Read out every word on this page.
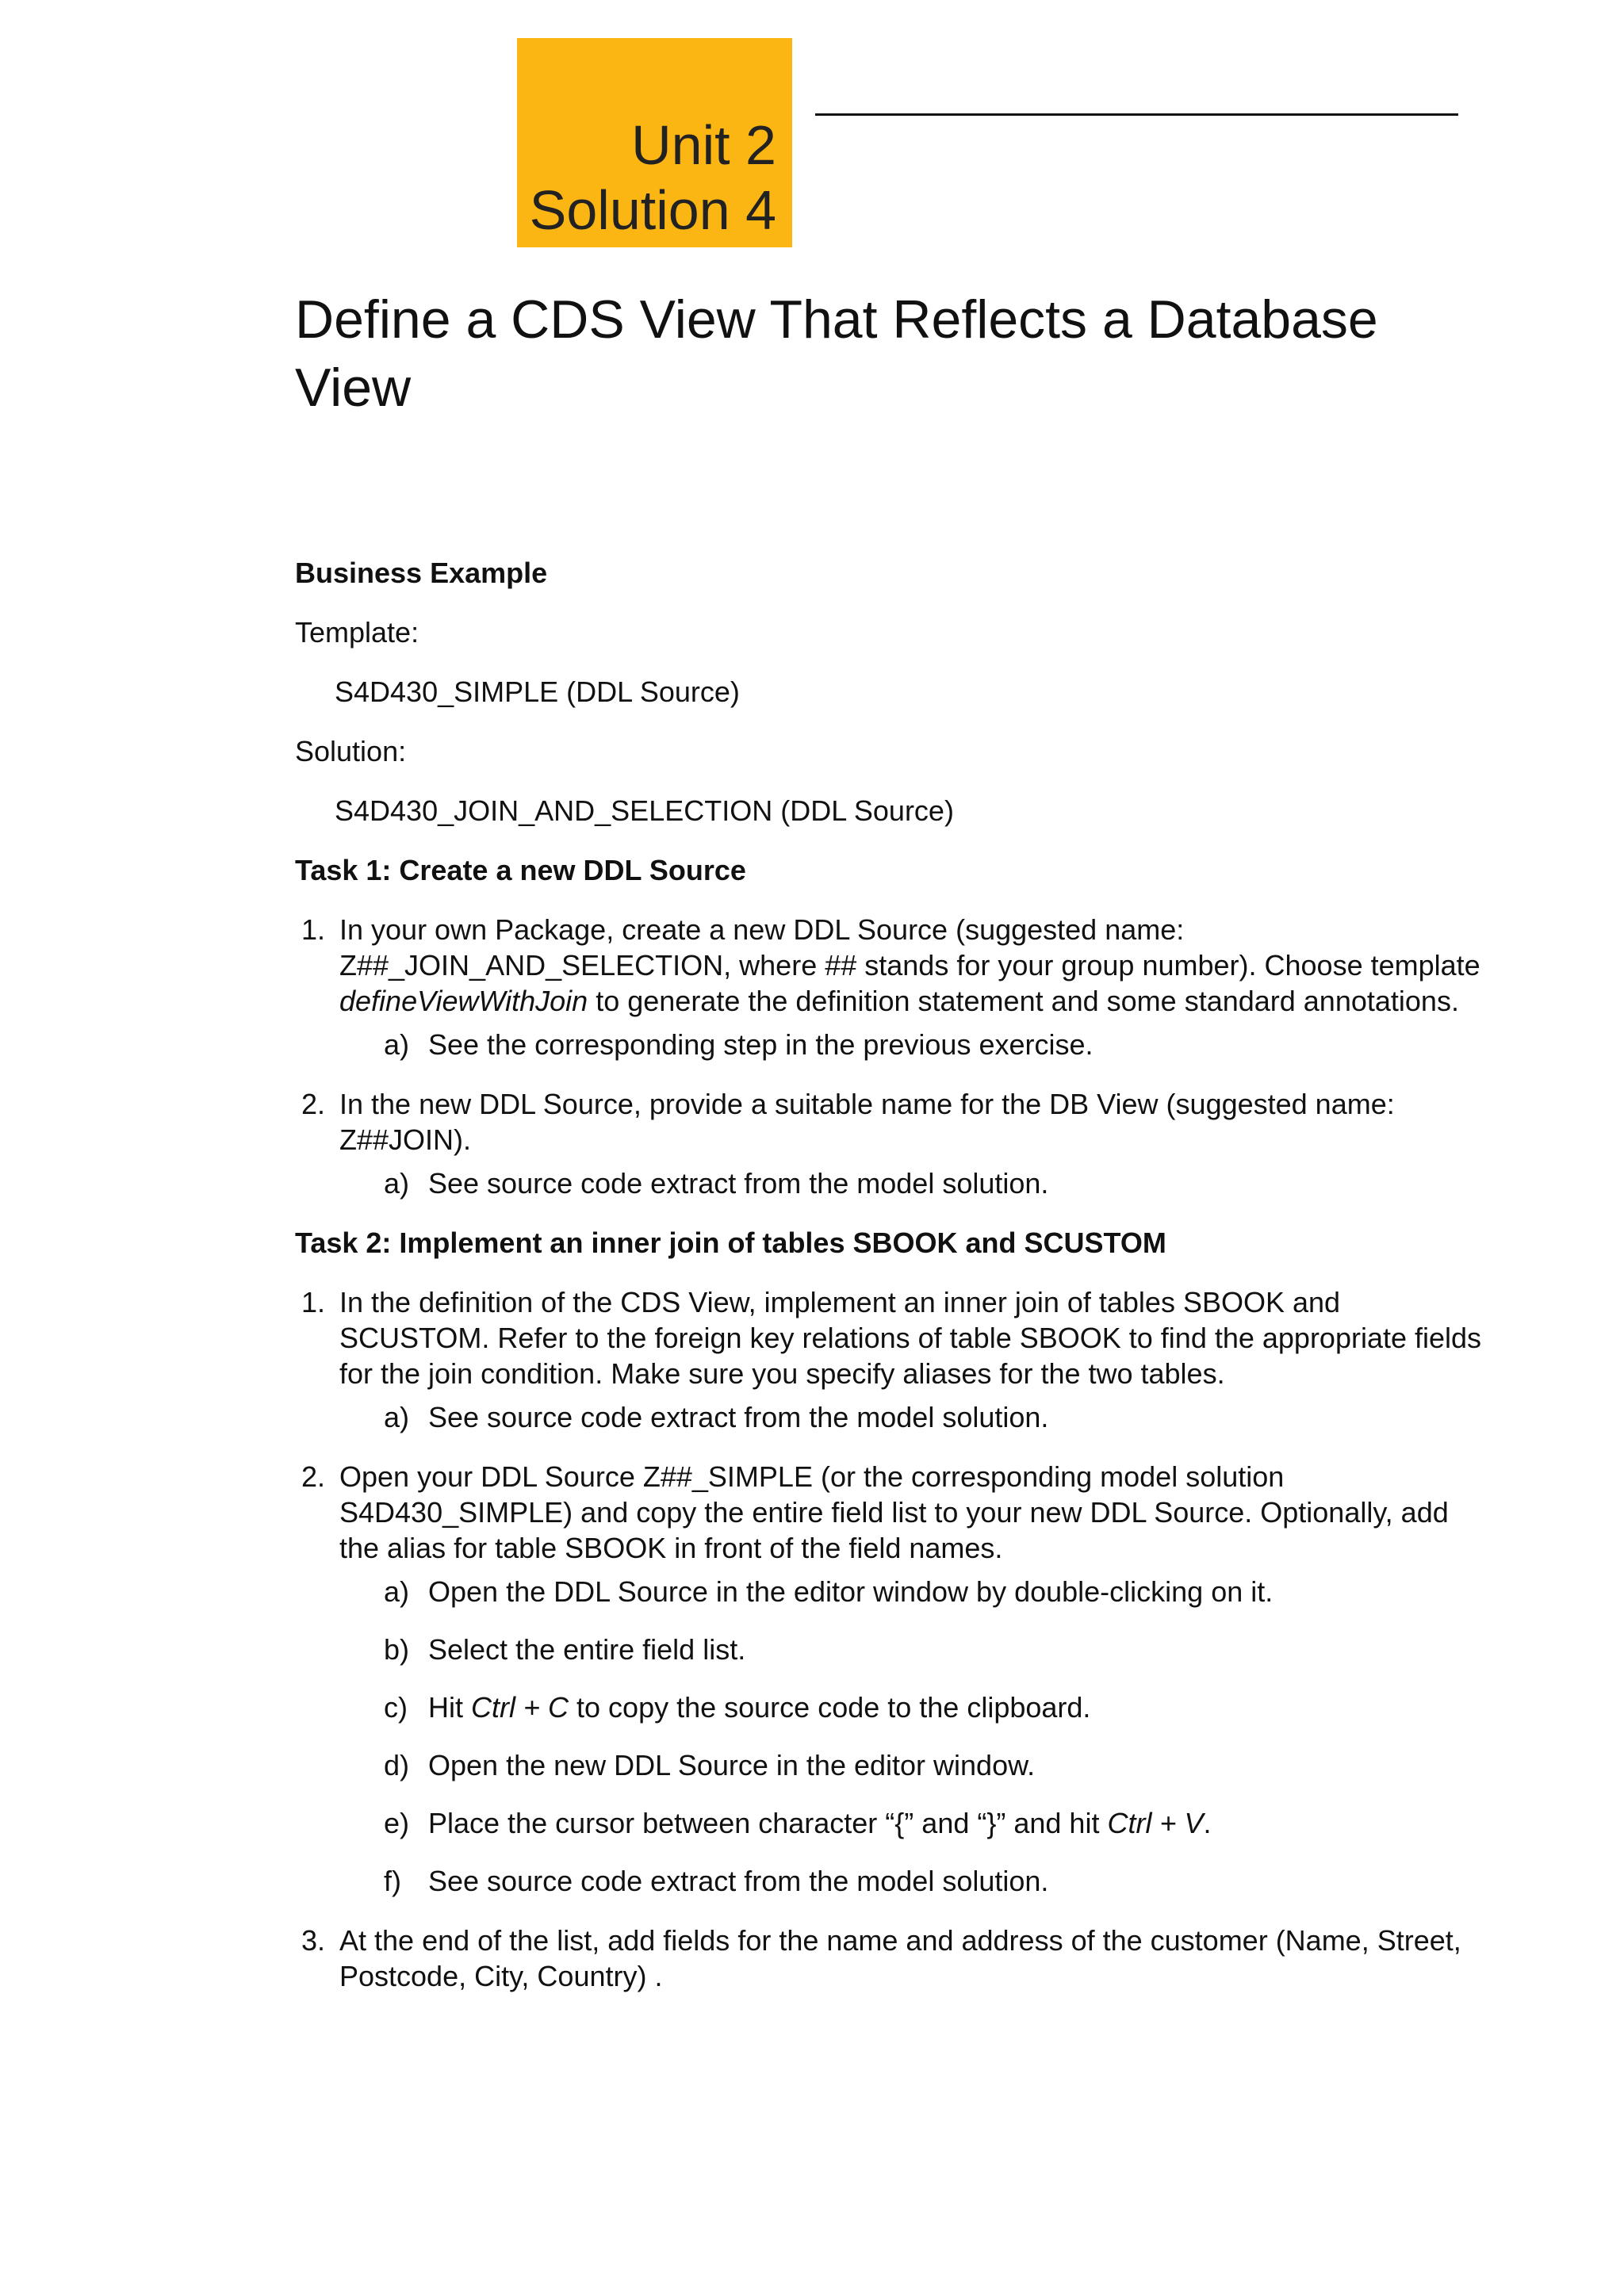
Unit 2
Solution 4
Define a CDS View That Reflects a Database View
Business Example
Template:
S4D430_SIMPLE (DDL Source)
Solution:
S4D430_JOIN_AND_SELECTION (DDL Source)
Task 1: Create a new DDL Source
1. In your own Package, create a new DDL Source (suggested name: Z##_JOIN_AND_SELECTION, where ## stands for your group number). Choose template defineViewWithJoin to generate the definition statement and some standard annotations.
a) See the corresponding step in the previous exercise.
2. In the new DDL Source, provide a suitable name for the DB View (suggested name: Z##JOIN).
a) See source code extract from the model solution.
Task 2: Implement an inner join of tables SBOOK and SCUSTOM
1. In the definition of the CDS View, implement an inner join of tables SBOOK and SCUSTOM. Refer to the foreign key relations of table SBOOK to find the appropriate fields for the join condition. Make sure you specify aliases for the two tables.
a) See source code extract from the model solution.
2. Open your DDL Source Z##_SIMPLE (or the corresponding model solution S4D430_SIMPLE) and copy the entire field list to your new DDL Source. Optionally, add the alias for table SBOOK in front of the field names.
a) Open the DDL Source in the editor window by double-clicking on it.
b) Select the entire field list.
c) Hit Ctrl + C to copy the source code to the clipboard.
d) Open the new DDL Source in the editor window.
e) Place the cursor between character “{” and “}” and hit Ctrl + V.
f) See source code extract from the model solution.
3. At the end of the list, add fields for the name and address of the customer (Name, Street, Postcode, City, Country) .
